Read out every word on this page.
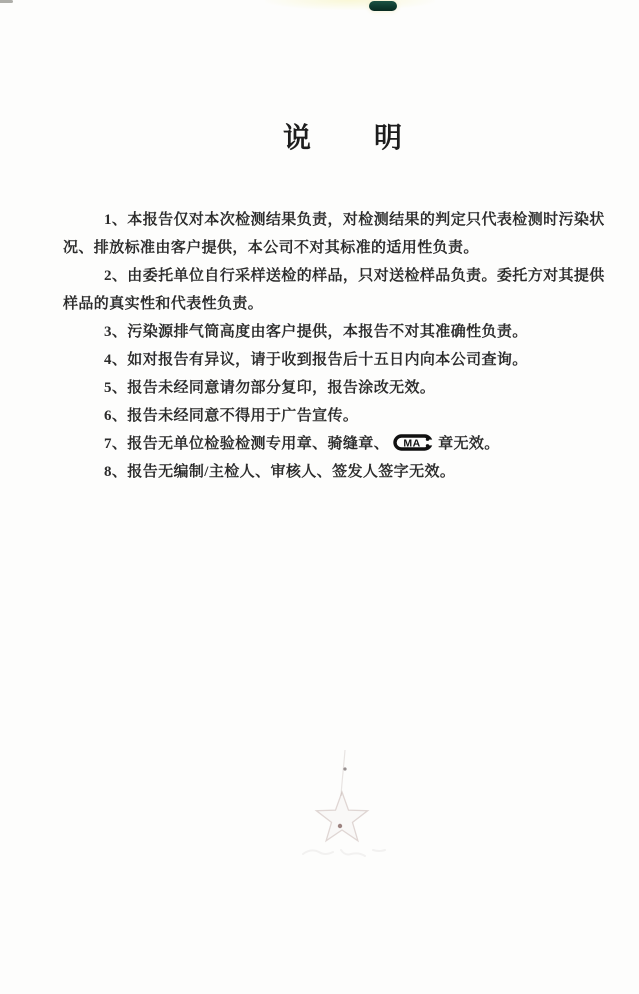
说 明
1、本报告仅对本次检测结果负责，对检测结果的判定只代表检测时污染状
况、排放标准由客户提供，本公司不对其标准的适用性负责。
2、由委托单位自行采样送检的样品，只对送检样品负责。委托方对其提供
样品的真实性和代表性负责。
3、污染源排气筒高度由客户提供，本报告不对其准确性负责。
4、如对报告有异议，请于收到报告后十五日内向本公司查询。
5、报告未经同意请勿部分复印，报告涂改无效。
6、报告未经同意不得用于广告宣传。
7、报告无单位检验检测专用章、骑缝章、 MA 章无效。
8、报告无编制/主检人、审核人、签发人签字无效。
